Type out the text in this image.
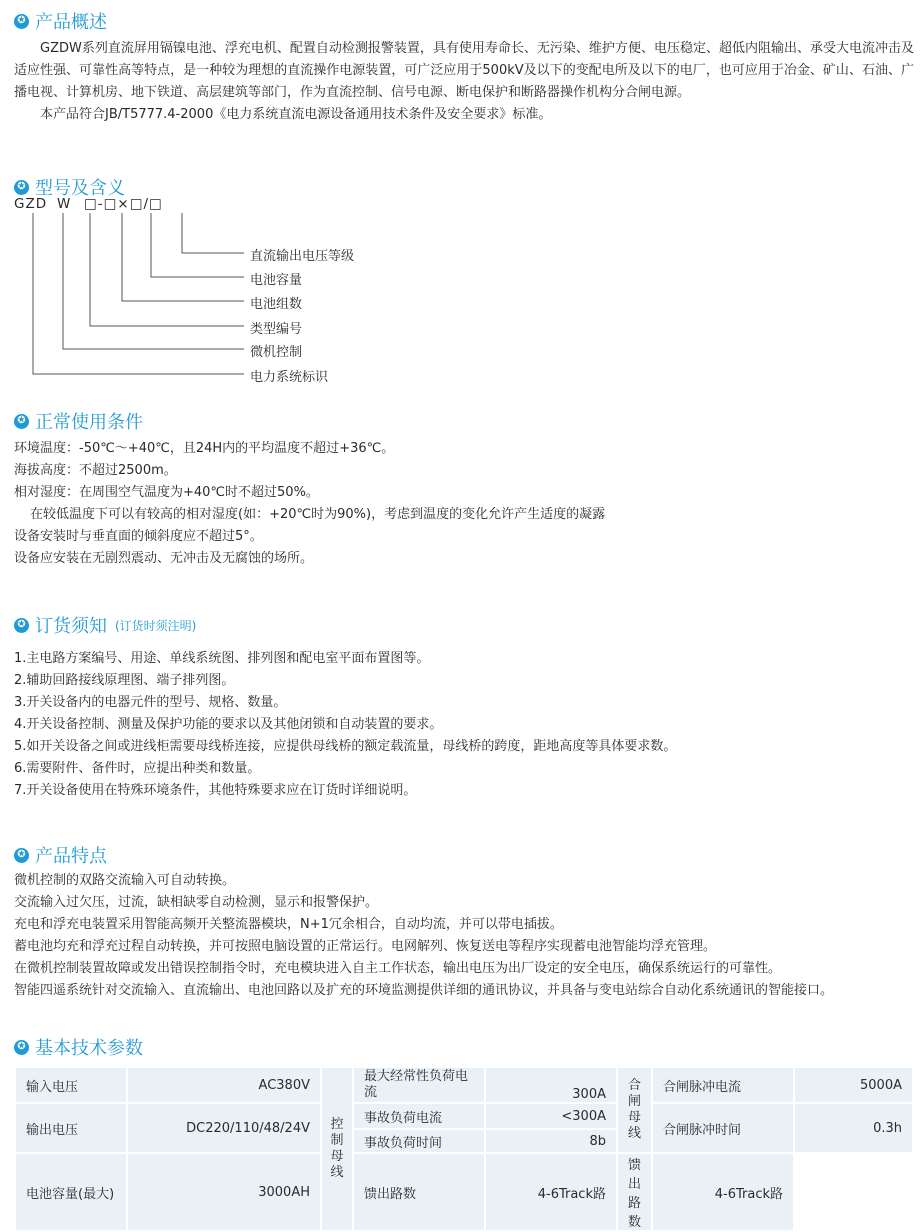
✪ 产品概述
GZDW系列直流屏用镉镍电池、浮充电机、配置自动检测报警装置，具有使用寿命长、无污染、维护方便、电压稳定、超低内阻输出、承受大电流冲击及适应性强、可靠性高等特点，是一种较为理想的直流操作电源装置，可广泛应用于500kV及以下的变配电所及以下的电厂，也可应用于冶金、矿山、石油、广播电视、计算机房、地下铁道、高层建筑等部门，作为直流控制、信号电源、断电保护和断路器操作机构分合闸电源。
本产品符合JB/T5777.4-2000《电力系统直流电源设备通用技术条件及安全要求》标准。
✪ 型号及含义
GZD W □-□×□/□
直流输出电压等级
电池容量
电池组数
类型编号
微机控制
电力系统标识
✪ 正常使用条件
环境温度：-50℃～+40℃，且24H内的平均温度不超过+36℃。
海拔高度：不超过2500m。
相对湿度：在周围空气温度为+40℃时不超过50%。
在较低温度下可以有较高的相对湿度(如：+20℃时为90%)，考虑到温度的变化允许产生适度的凝露
设备安装时与垂直面的倾斜度应不超过5°。
设备应安装在无剧烈震动、无冲击及无腐蚀的场所。
✪ 订货须知 (订货时须注明)
1.主电路方案编号、用途、单线系统图、排列图和配电室平面布置图等。
2.辅助回路接线原理图、端子排列图。
3.开关设备内的电器元件的型号、规格、数量。
4.开关设备控制、测量及保护功能的要求以及其他闭锁和自动装置的要求。
5.如开关设备之间或进线柜需要母线桥连接，应提供母线桥的额定载流量，母线桥的跨度，距地高度等具体要求数。
6.需要附件、备件时，应提出种类和数量。
7.开关设备使用在特殊环境条件，其他特殊要求应在订货时详细说明。
✪ 产品特点
微机控制的双路交流输入可自动转换。
交流输入过欠压，过流，缺相缺零自动检测，显示和报警保护。
充电和浮充电装置采用智能高频开关整流器模块，N+1冗余相合，自动均流，并可以带电插拔。
蓄电池均充和浮充过程自动转换，并可按照电脑设置的正常运行。电网解列、恢复送电等程序实现蓄电池智能均浮充管理。
在微机控制装置故障或发出错误控制指令时，充电模块进入自主工作状态，输出电压为出厂设定的安全电压，确保系统运行的可靠性。
智能四遥系统针对交流输入、直流输出、电池回路以及扩充的环境监测提供详细的通讯协议，并具备与变电站综合自动化系统通讯的智能接口。
✪ 基本技术参数
输入电压	AC380V	控制母线	最大经常性负荷电流	300A	合闸母线	合闸脉冲电流	5000A
输出电压	DC220/110/48/24V		事故负荷电流	<300A		合闸脉冲时间	0.3h
			事故负荷时间	8b			
电池容量(最大)	3000AH		馈出路数	4-6Track路	馈出路数	4-6Track路	
